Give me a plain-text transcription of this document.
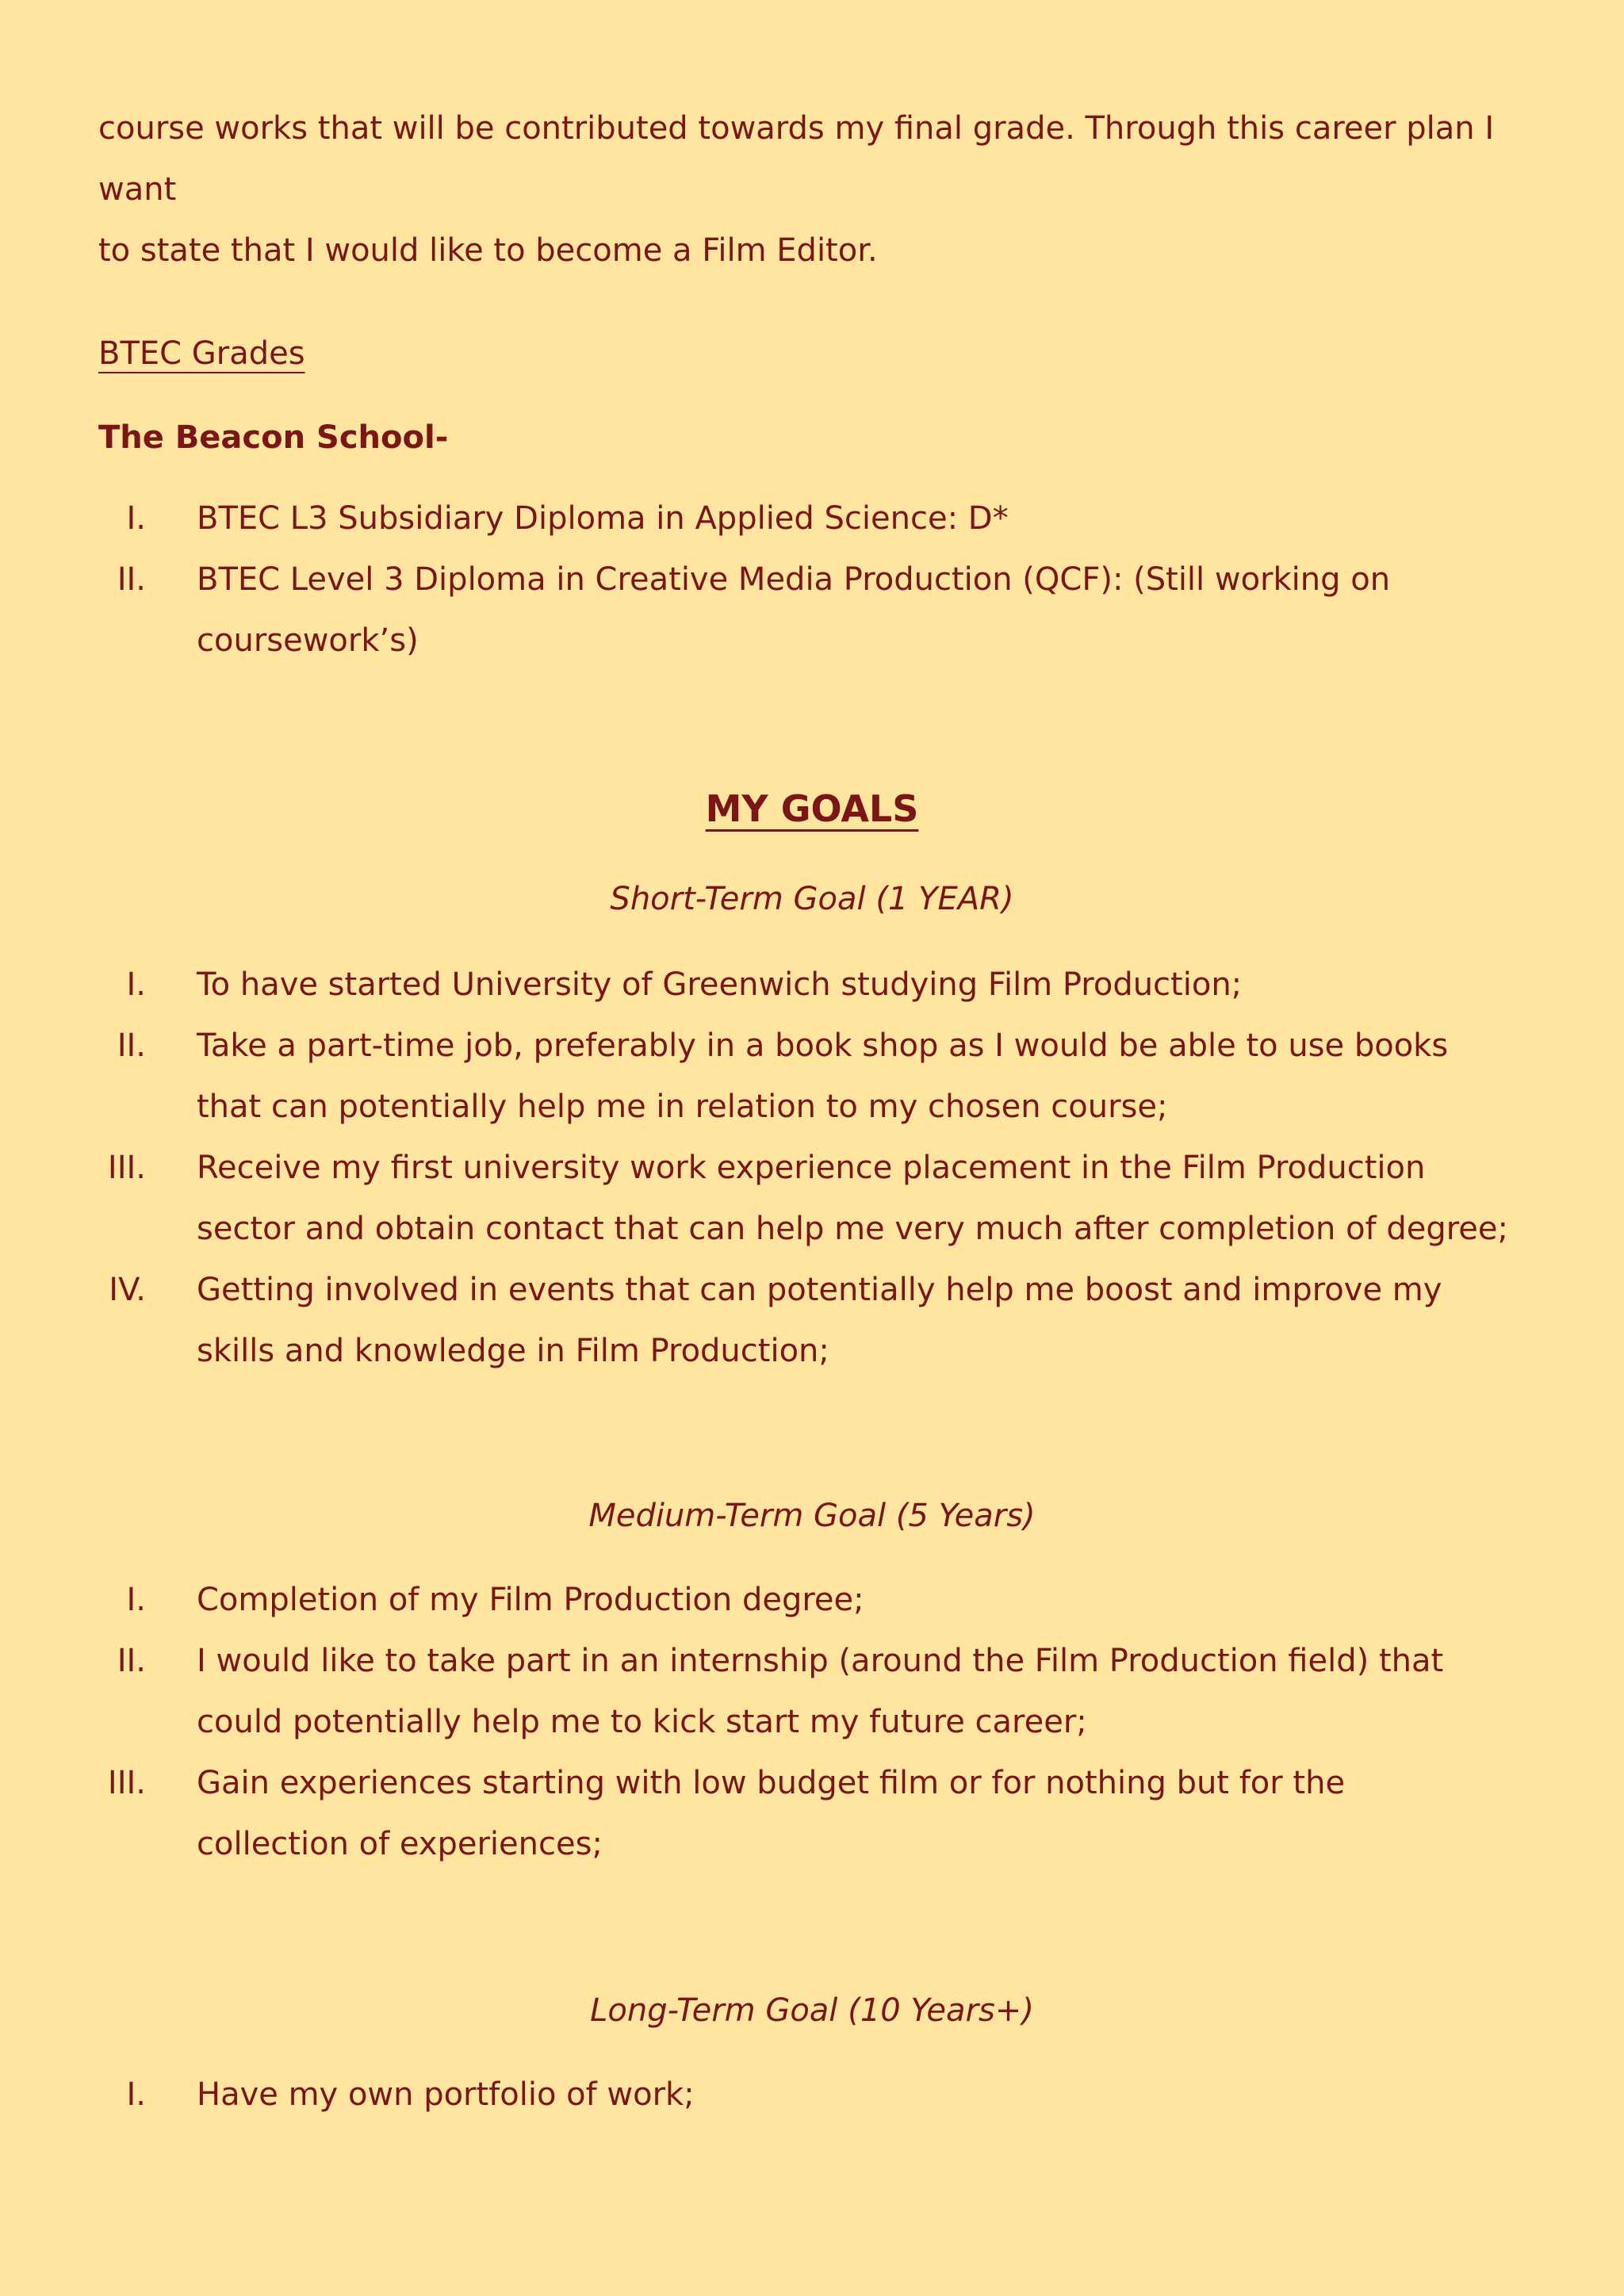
course works that will be contributed towards my final grade. Through this career plan I want

to state that I would like to become a Film Editor.

BTEC Grades
The Beacon School-
I. BTEC L3 Subsidiary Diploma in Applied Science: D*
II. BTEC Level 3 Diploma in Creative Media Production (QCF): (Still working on coursework’s)
MY GOALS
Short-Term Goal (1 YEAR)
I. To have started University of Greenwich studying Film Production;
II. Take a part-time job, preferably in a book shop as I would be able to use books that can potentially help me in relation to my chosen course;
III. Receive my first university work experience placement in the Film Production sector and obtain contact that can help me very much after completion of degree;
IV. Getting involved in events that can potentially help me boost and improve my skills and knowledge in Film Production;
Medium-Term Goal (5 Years)
I. Completion of my Film Production degree;
II. I would like to take part in an internship (around the Film Production field) that could potentially help me to kick start my future career;
III. Gain experiences starting with low budget film or for nothing but for the collection of experiences;
Long-Term Goal (10 Years+)
I. Have my own portfolio of work;
